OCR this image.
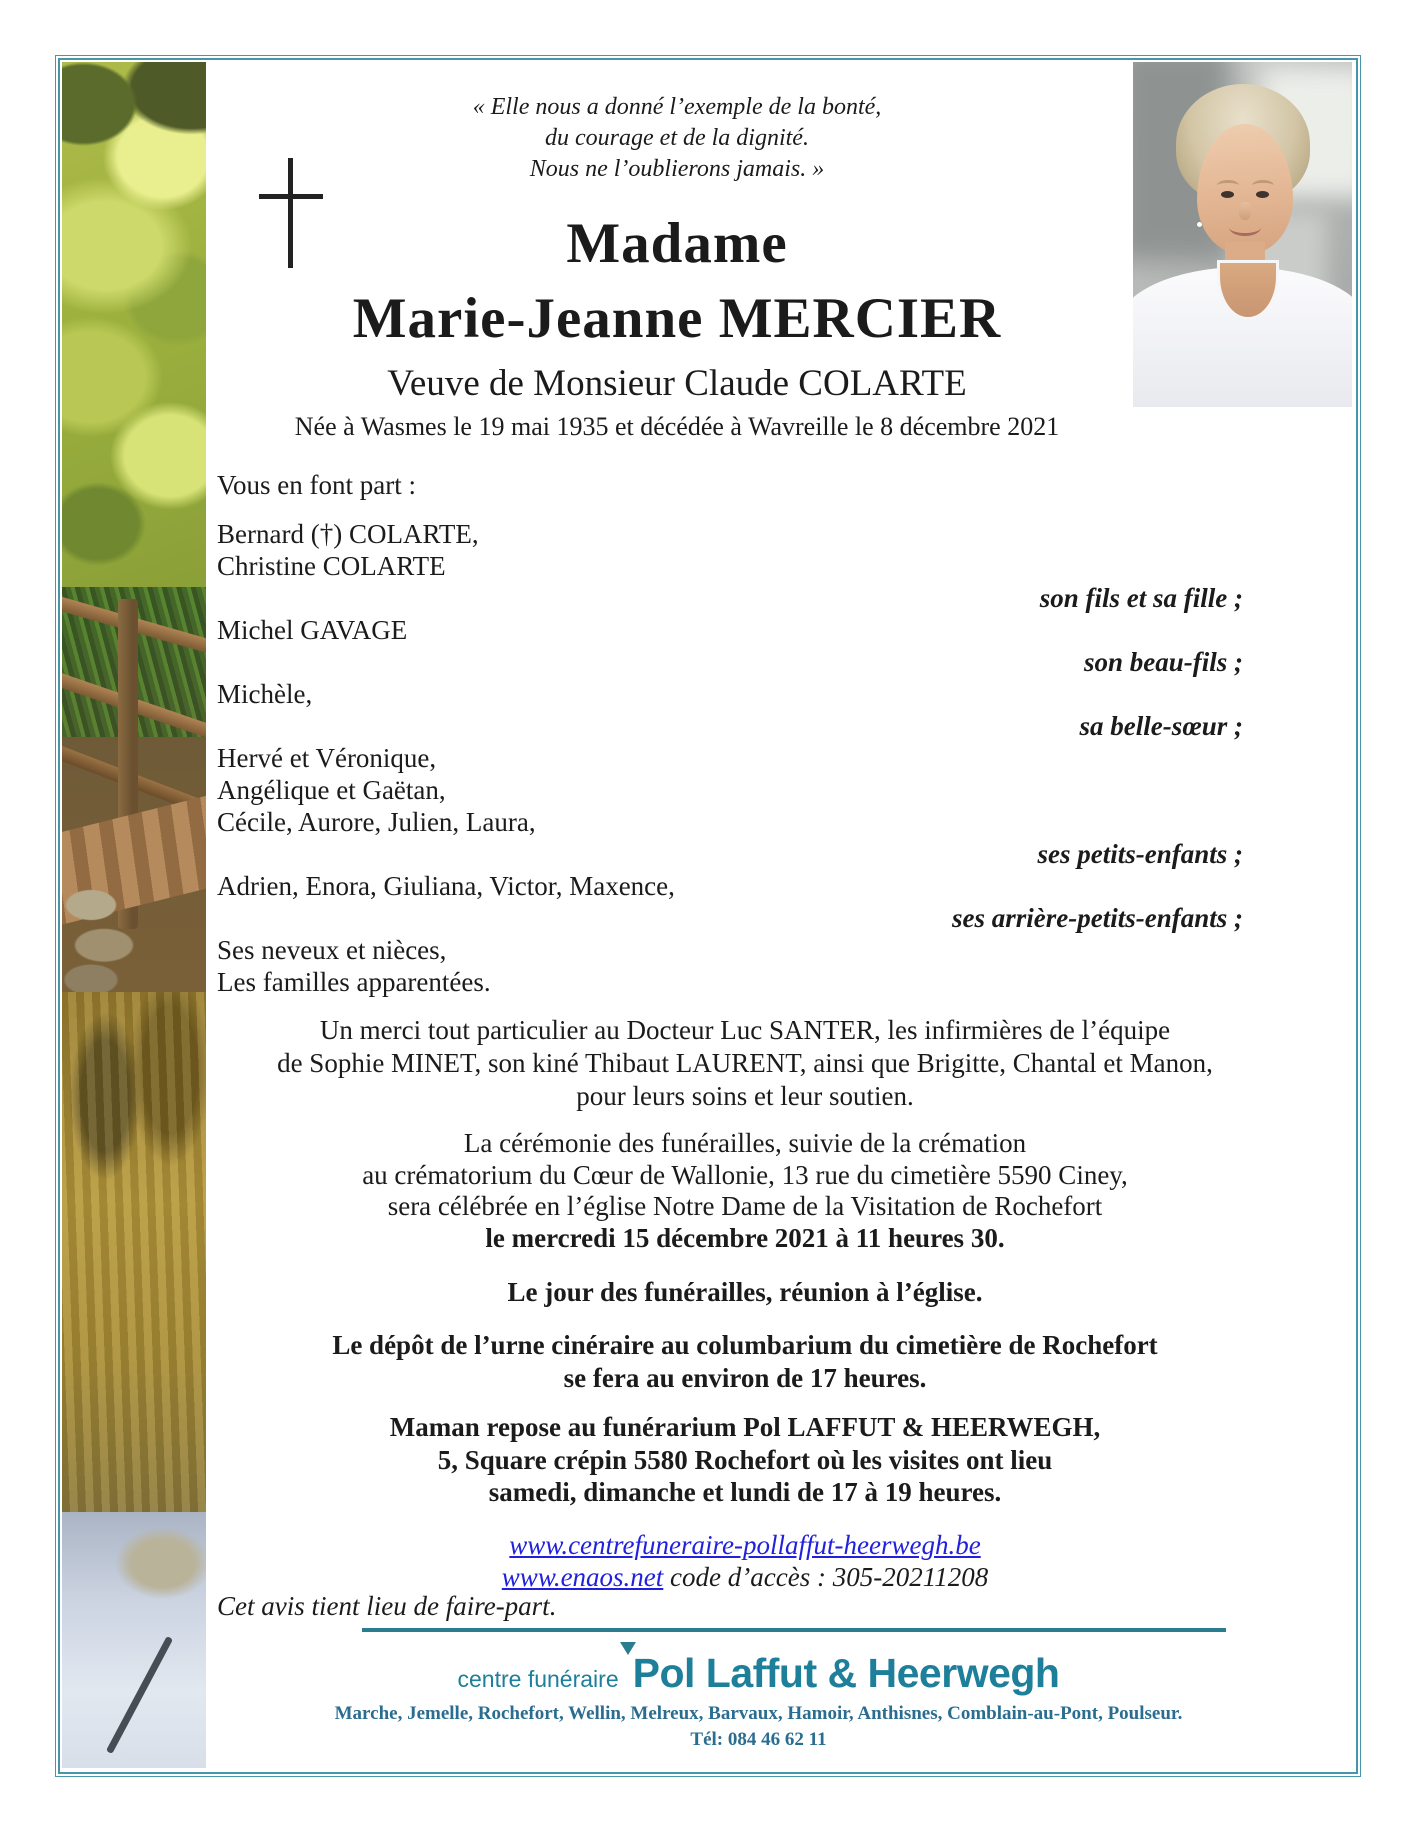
« Elle nous a donné l’exemple de la bonté,
du courage et de la dignité.
Nous ne l’oublierons jamais. »
Madame
Marie-Jeanne MERCIER
Veuve de Monsieur Claude COLARTE
Née à Wasmes le 19 mai 1935 et décédée à Wavreille le 8 décembre 2021
Vous en font part :
Bernard (†) COLARTE,
Christine COLARTE
son fils et sa fille ;
Michel GAVAGE
son beau-fils ;
Michèle,
sa belle-sœur ;
Hervé et Véronique,
Angélique et Gaëtan,
Cécile, Aurore, Julien, Laura,
ses petits-enfants ;
Adrien, Enora, Giuliana, Victor, Maxence,
ses arrière-petits-enfants ;
Ses neveux et nièces,
Les familles apparentées.
Un merci tout particulier au Docteur Luc SANTER, les infirmières de l’équipe
de Sophie MINET, son kiné Thibaut LAURENT, ainsi que Brigitte, Chantal et Manon,
pour leurs soins et leur soutien.
La cérémonie des funérailles, suivie de la crémation
au crématorium du Cœur de Wallonie, 13 rue du cimetière 5590 Ciney,
sera célébrée en l’église Notre Dame de la Visitation de Rochefort
le mercredi 15 décembre 2021 à 11 heures 30.
Le jour des funérailles, réunion à l’église.
Le dépôt de l’urne cinéraire au columbarium du cimetière de Rochefort
se fera au environ de 17 heures.
Maman repose au funérarium Pol LAFFUT & HEERWEGH,
5, Square crépin 5580 Rochefort où les visites ont lieu
samedi, dimanche et lundi de 17 à 19 heures.
www.centrefuneraire-pollaffut-heerwegh.be
www.enaos.net code d’accès : 305-20211208
Cet avis tient lieu de faire-part.
centre funéraire Pol Laffut & Heerwegh
Marche, Jemelle, Rochefort, Wellin, Melreux, Barvaux, Hamoir, Anthisnes, Comblain-au-Pont, Poulseur.
Tél: 084 46 62 11
